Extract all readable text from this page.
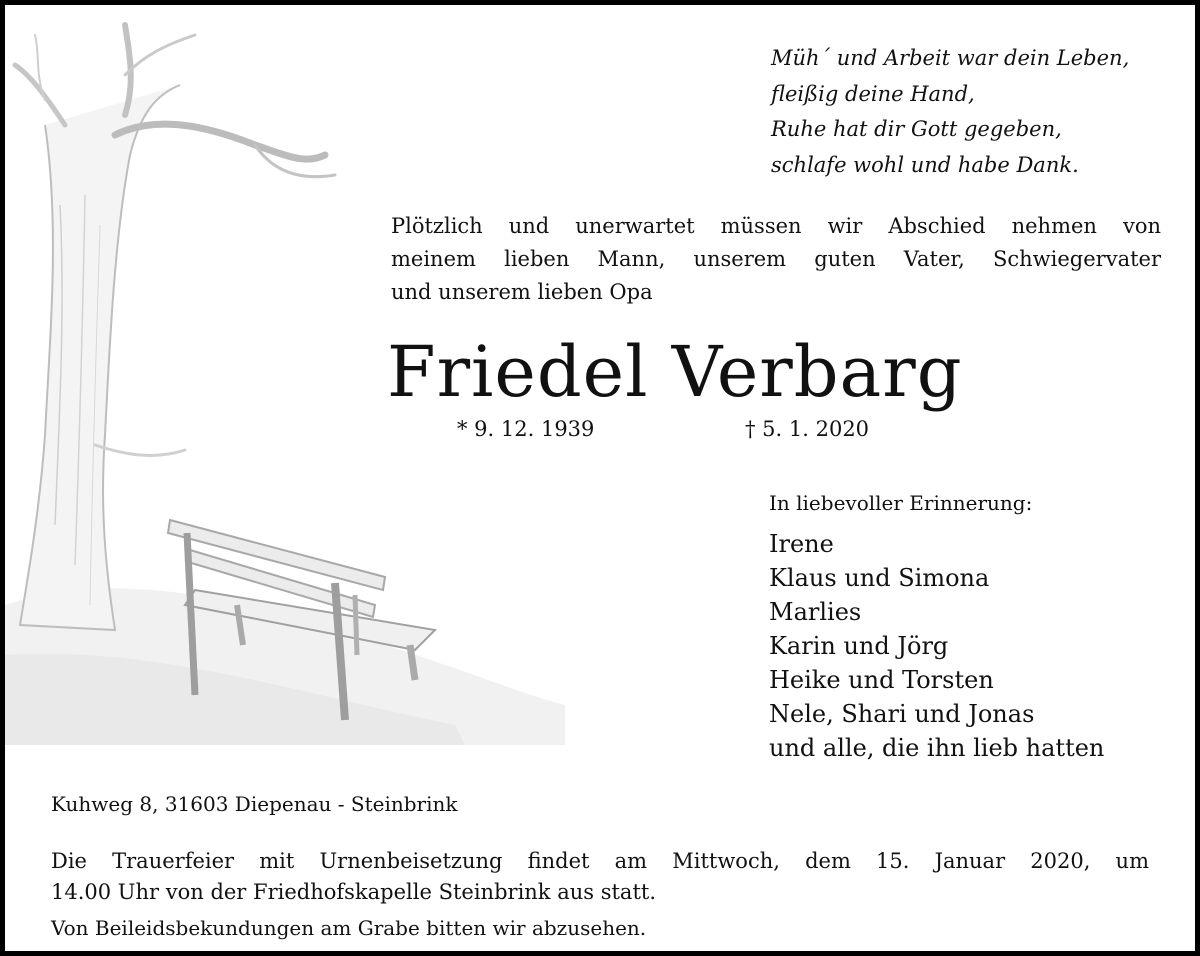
Müh´ und Arbeit war dein Leben,
fleißig deine Hand,
Ruhe hat dir Gott gegeben,
schlafe wohl und habe Dank.
Plötzlich und unerwartet müssen wir Abschied nehmen von
meinem lieben Mann, unserem guten Vater, Schwiegervater
und unserem lieben Opa
Friedel Verbarg
* 9. 12. 1939	† 5. 1. 2020
In liebevoller Erinnerung:
Irene
Klaus und Simona
Marlies
Karin und Jörg
Heike und Torsten
Nele, Shari und Jonas
und alle, die ihn lieb hatten
Kuhweg 8, 31603 Diepenau - Steinbrink
Die Trauerfeier mit Urnenbeisetzung findet am Mittwoch, dem 15. Januar 2020, um
14.00 Uhr von der Friedhofskapelle Steinbrink aus statt.
Von Beileidsbekundungen am Grabe bitten wir abzusehen.
